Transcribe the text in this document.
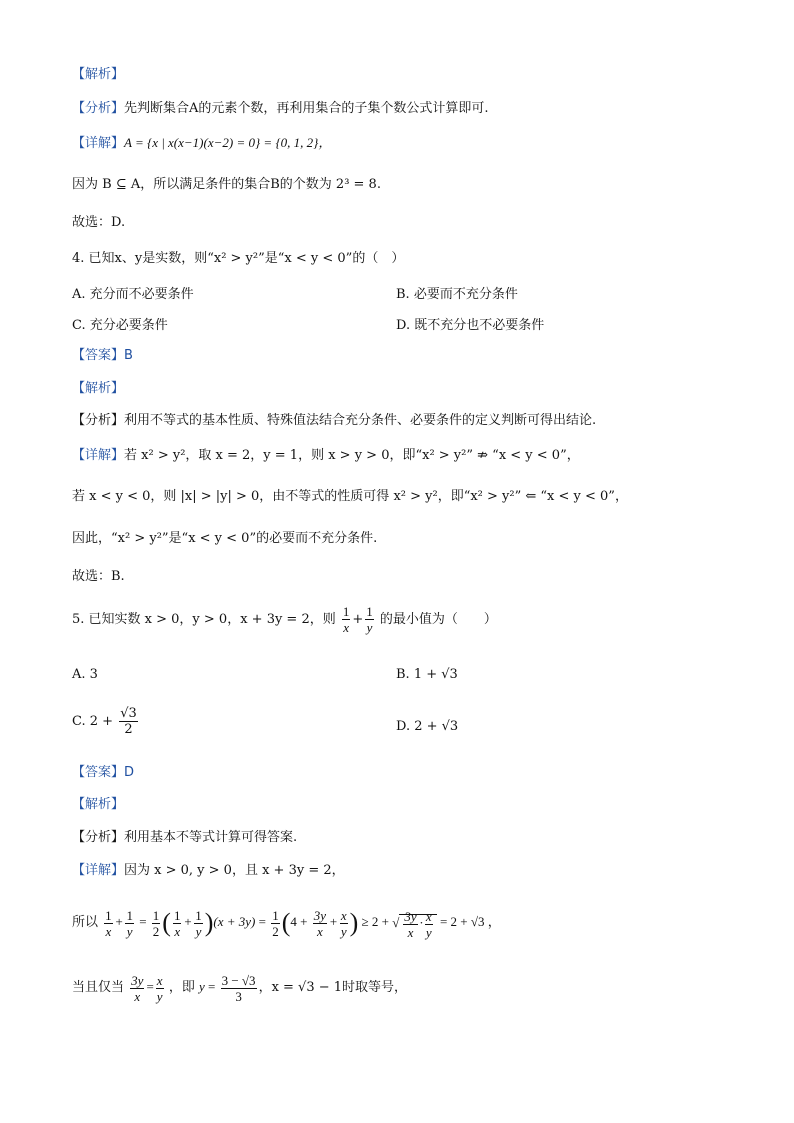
【解析】
【分析】先判断集合A的元素个数，再利用集合的子集个数公式计算即可.
【详解】A = {x | x(x−1)(x−2) = 0} = {0, 1, 2}，
因为 B ⊆ A，所以满足条件的集合B的个数为 2³ = 8.
故选：D.
4. 已知x、y是实数，则“x² > y²”是“x < y < 0”的（　）
A. 充分而不必要条件	B. 必要而不充分条件
C. 充分必要条件	D. 既不充分也不必要条件
【答案】B
【解析】
【分析】利用不等式的基本性质、特殊值法结合充分条件、必要条件的定义判断可得出结论.
【详解】若 x² > y²，取 x = 2，y = 1，则 x > y > 0，即“x² > y²” ⇏ “x < y < 0”，
若 x < y < 0，则 |x| > |y| > 0，由不等式的性质可得 x² > y²，即“x² > y²” ⇐ “x < y < 0”，
因此，“x² > y²”是“x < y < 0”的必要而不充分条件.
故选：B.
5. 已知实数 x > 0，y > 0，x + 3y = 2，则 $\frac{1}{x} + \frac{1}{y}$ 的最小值为（　　）
A. 3	B. 1 + √3
C. $2 + \frac{√3}{2}$	D. 2 + √3
【答案】D
【解析】
【分析】利用基本不等式计算可得答案.
【详解】因为 x > 0, y > 0，且 x + 3y = 2，
所以 $\frac{1}{x} + \frac{1}{y} = \frac{1}{2}$ ( $\frac{1}{x} + \frac{1}{y} )(x + 3y) = \frac{1}{2} (4 + \frac{3y}{x} + \frac{x}{y}$ ) ≥ 2 + √ $\frac{3y}{x} \cdot \frac{x}{y} = 2 + √3$ ，
当且仅当 $\frac{3y}{x} = \frac{x}{y}$ ，即 $y = \frac{3 - √3}{3}$ ，x = √3 − 1时取等号，
